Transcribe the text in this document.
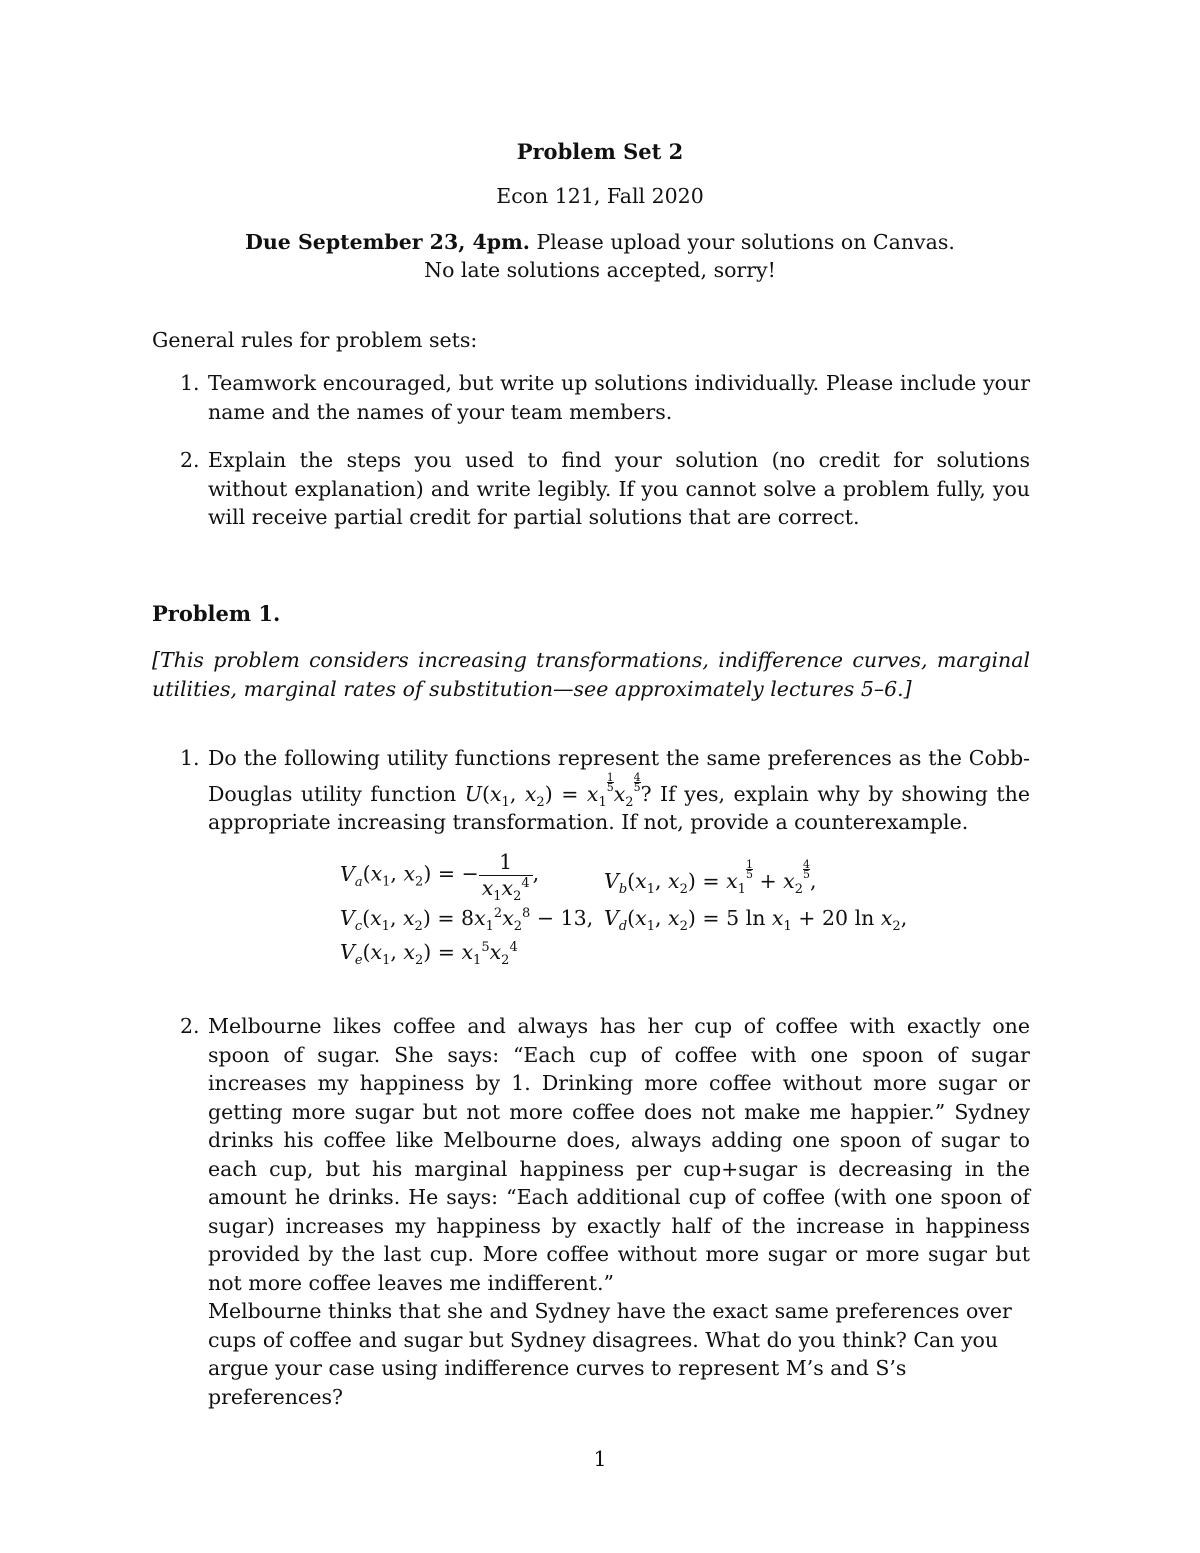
Problem Set 2
Econ 121, Fall 2020
Due September 23, 4pm. Please upload your solutions on Canvas.
No late solutions accepted, sorry!
General rules for problem sets:
1. Teamwork encouraged, but write up solutions individually. Please include your name and the names of your team members.
2. Explain the steps you used to find your solution (no credit for solutions without explanation) and write legibly. If you cannot solve a problem fully, you will receive partial credit for partial solutions that are correct.
Problem 1.
[This problem considers increasing transformations, indifference curves, marginal utilities, marginal rates of substitution—see approximately lectures 5–6.]
1. Do the following utility functions represent the same preferences as the Cobb-Douglas utility function $U(x_1$, $x_2) = x_1$
$\frac{1}{5} x_2$
$\frac{4}{5}$ ? If yes, explain why by showing the appropriate increasing transformation. If not, provide a counterexample.
$V_a(x_1$, $x_2$) = − $\frac{1}{x_1x_2^4}$ ,	$V_b(x_1$, $x_2) = x_1$
$\frac{1}{5} + x_2$
$\frac{4}{5}$ ,
$V_c(x_1$, $x_2) = 8x_1^2x_2^8 - 13$, $V_d(x_1$, $x_2) = 5$ $\ln x_1 + 20$ $\ln x_2$,
$V_e(x_1$, $x_2) = x_1^5x_2^4$
2. Melbourne likes coffee and always has her cup of coffee with exactly one spoon of sugar. She says: “Each cup of coffee with one spoon of sugar increases my happiness by 1. Drinking more coffee without more sugar or getting more sugar but not more coffee does not make me happier.” Sydney drinks his coffee like Melbourne does, always adding one spoon of sugar to each cup, but his marginal happiness per cup+sugar is decreasing in the amount he drinks. He says: “Each additional cup of coffee (with one spoon of sugar) increases my happiness by exactly half of the increase in happiness provided by the last cup. More coffee without more sugar or more sugar but not more coffee leaves me indifferent.”
Melbourne thinks that she and Sydney have the exact same preferences over cups of coffee and sugar but Sydney disagrees. What do you think? Can you argue your case using indifference curves to represent M’s and S’s preferences?
1
